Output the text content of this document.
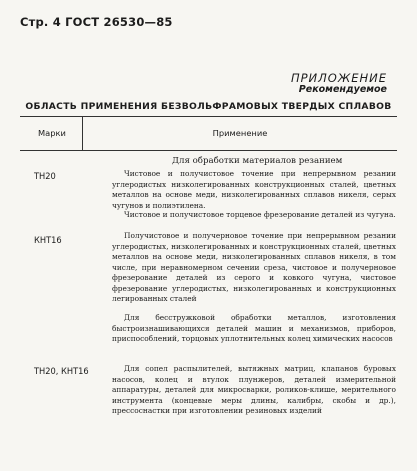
Стр. 4 ГОСТ 26530—85
ПРИЛОЖЕНИЕ
Рекомендуемое
ОБЛАСТЬ ПРИМЕНЕНИЯ БЕЗВОЛЬФРАМОВЫХ ТВЕРДЫХ СПЛАВОВ
Марки	Применение
Для обработки материалов резанием
ТН20	Чистовое и получистовое точение при непрерывном резании углеродистых низколегированных конструкционных сталей, цветных металлов на основе меди, низколегированных сплавов никеля, серых чугунов и полиэтилена.
Чистовое и получистовое торцевое фрезерование деталей из чугуна.
КНТ16	Получистовое и получерновое точение при непрерывном резании углеродистых, низколегированных и конструкционных сталей, цветных металлов на основе меди, низколегированных сплавов никеля, в том числе, при неравномерном сечении среза, чистовое и получерновое фрезерование деталей из серого и ковкого чугуна, чистовое фрезерование углеродистых, низколегированных и конструкционных легированных сталей
Для бесстружковой обработки металлов, изготовления быстроизнашивающихся деталей машин и механизмов, приборов, приспособлений, торцовых уплотнительных колец химических насосов
ТН20, КНТ16	Для сопел распылителей, вытяжных матриц, клапанов буровых насосов, колец и втулок плунжеров, деталей измерительной аппаратуры, деталей для микросварки, роликов-клише, мерительного инструмента (концевые меры длины, калибры, скобы и др.), прессоснастки при изготовлении резиновых изделий
